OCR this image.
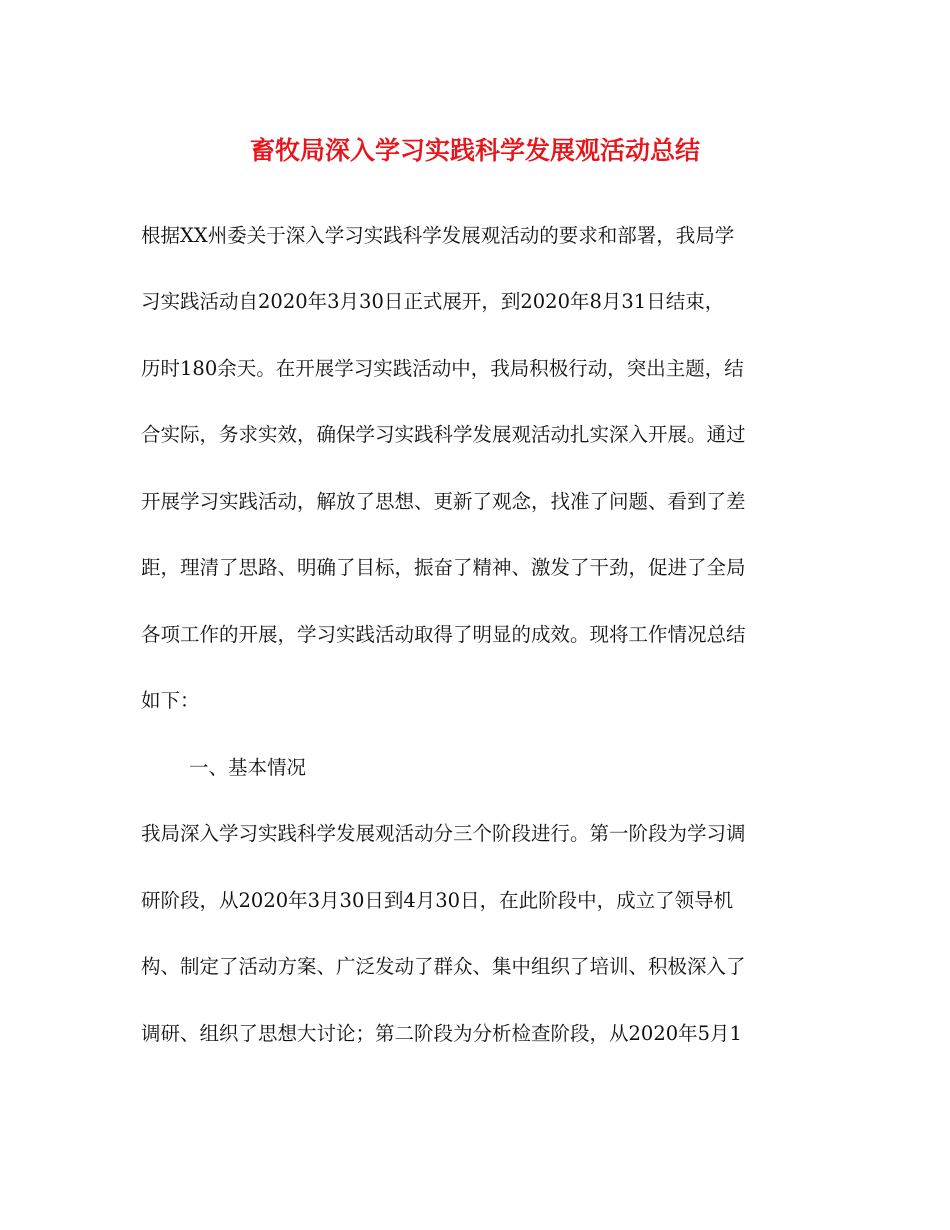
畜牧局深入学习实践科学发展观活动总结

根据XX州委关于深入学习实践科学发展观活动的要求和部署，我局学

习实践活动自2020年3月30日正式展开，到2020年8月31日结束，

历时180余天。在开展学习实践活动中，我局积极行动，突出主题，结

合实际，务求实效，确保学习实践科学发展观活动扎实深入开展。通过

开展学习实践活动，解放了思想、更新了观念，找准了问题、看到了差

距，理清了思路、明确了目标，振奋了精神、激发了干劲，促进了全局

各项工作的开展，学习实践活动取得了明显的成效。现将工作情况总结

如下：

一、基本情况

我局深入学习实践科学发展观活动分三个阶段进行。第一阶段为学习调

研阶段，从2020年3月30日到4月30日，在此阶段中，成立了领导机

构、制定了活动方案、广泛发动了群众、集中组织了培训、积极深入了

调研、组织了思想大讨论；第二阶段为分析检查阶段，从2020年5月1
